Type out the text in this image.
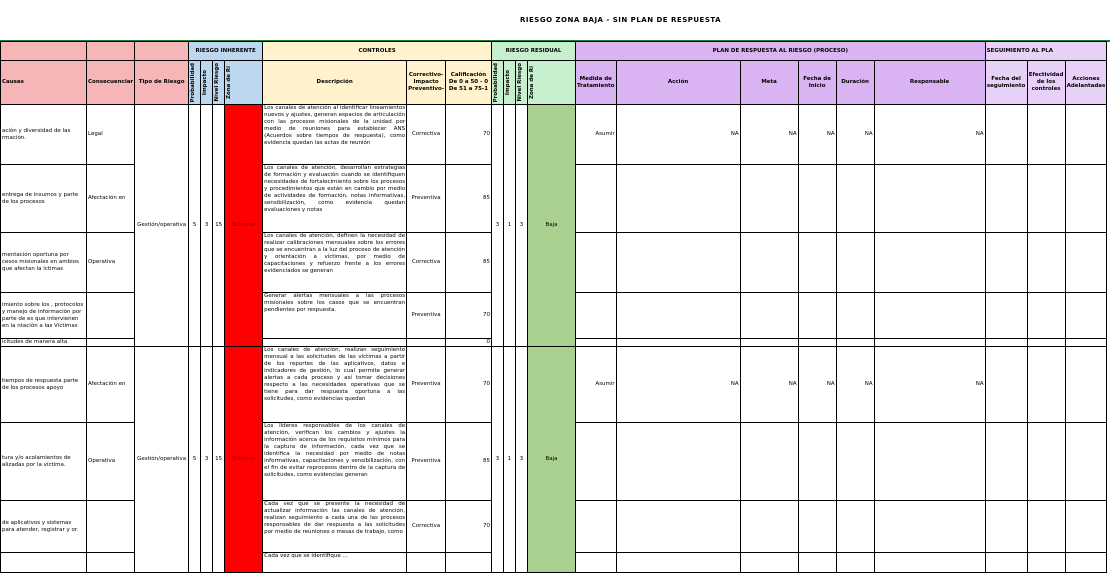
RIESGO ZONA BAJA - SIN PLAN DE RESPUESTA
			RIESGO INHERENTE				CONTROLES			RIESGO RESIDUAL				PLAN DE RESPUESTA AL RIESGO (PROCESO)						SEGUIMIENTO AL PLA		
Causas	Consecuenciar	Tipo de Riesgo	Probabilidad	Impacto	Nivel Riesgo	Zona de Ri	Descripción	Correctivo-Impacto Preventivo-	Calificación De 0 a 50 - 0 De 51 a 75-1	Probabilidad	Impacto	Nivel Riesgo	Zona de Ri	Medida de Tratamiento	Acción	Meta	Fecha de Inicio	Duración	Responsable	Fecha del seguimiento	Efectividad de los controles	Acciones Adelantadas
ación y diversidad de las rmación.	Legal	Gestión/operativa	5	3	15	Extrema	Los canales de atención al identificar lineamientos nuevos y ajustes, generan espacios de articulación con las procesos misionales de la unidad por medio de reuniones para establecer ANS (Acuerdos sobre tiempos de respuesta), como evidencia quedan las actas de reunión	Correctiva	70	3	1	3	Baja	Asumir	NA	NA	NA	NA	NA			
entrega de insumos y parte de los procesos	Afectación en						Los canales de atención, desarrollan estrategias de formación y evaluación cuando se identifiquen necesidades de fortalecimiento sobre los procesos y procedimientos que están en cambio por medio de actividades de formación, notas informativas, sensibilización, como evidencia quedan evaluaciones y notas	Preventiva	85													
mentación oportuna por cesos misionales en ambios que afectan la íctimas	Operativa						Los canales de atención, definen la necesidad de realizar calibraciones mensuales sobre los errores que se encuentran a la luz del proceso de atención y orientación a víctimas, por medio de capacitaciones y refuerzo frente a los errores evidenciados se generan	Correctiva	85													
imiento sobre los , protocolos y manejo de información por parte de es que intervienen en la ntación a las Víctimas							Generar alertas mensuales a las procesos misionales sobre los casos que se encuentran pendientes por respuesta.	Preventiva	70													
icitudes de manera alta									0													
tiempos de respuesta parte de los procesos apoyo	Afectación en	Gestión/operativa	5	3	15	Extrema	Los canales de atención, realizan seguimiento mensual a las solicitudes de las víctimas a partir de los reportes de las aplicativos, datos e indicadores de gestión, lo cual permite generar alertas a cada proceso y así tomar decisiones respecto a las necesidades operativas que se tiene para dar respuesta oportuna a las solicitudes, como evidencias quedan	Preventiva	70	3	1	3	Baja	Asumir	NA	NA	NA	NA	NA			
tura y/o acolamientos de alizadas por la víctima.	Operativa						Los líderes responsables de los canales de atención, verifican los cambios y ajustes la información acerca de los requisitos mínimos para la captura de información, cada vez que se identifica la necesidad por medio de notas informativas, capacitaciones y sensibilización, con el fin de evitar reprocesos dentro de la captura de solicitudes, como evidencias generan	Preventiva	85													
de aplicativos y sistemas para atender, registrar y or.							Cada vez que se presente la necesidad de actualizar información las canales de atención, realizan seguimiento a cada una de las procesos responsables de dar respuesta a las solicitudes por medio de reuniones o mesas de trabajo, como	Correctiva	70													
							Cada vez que se identifique ...															
